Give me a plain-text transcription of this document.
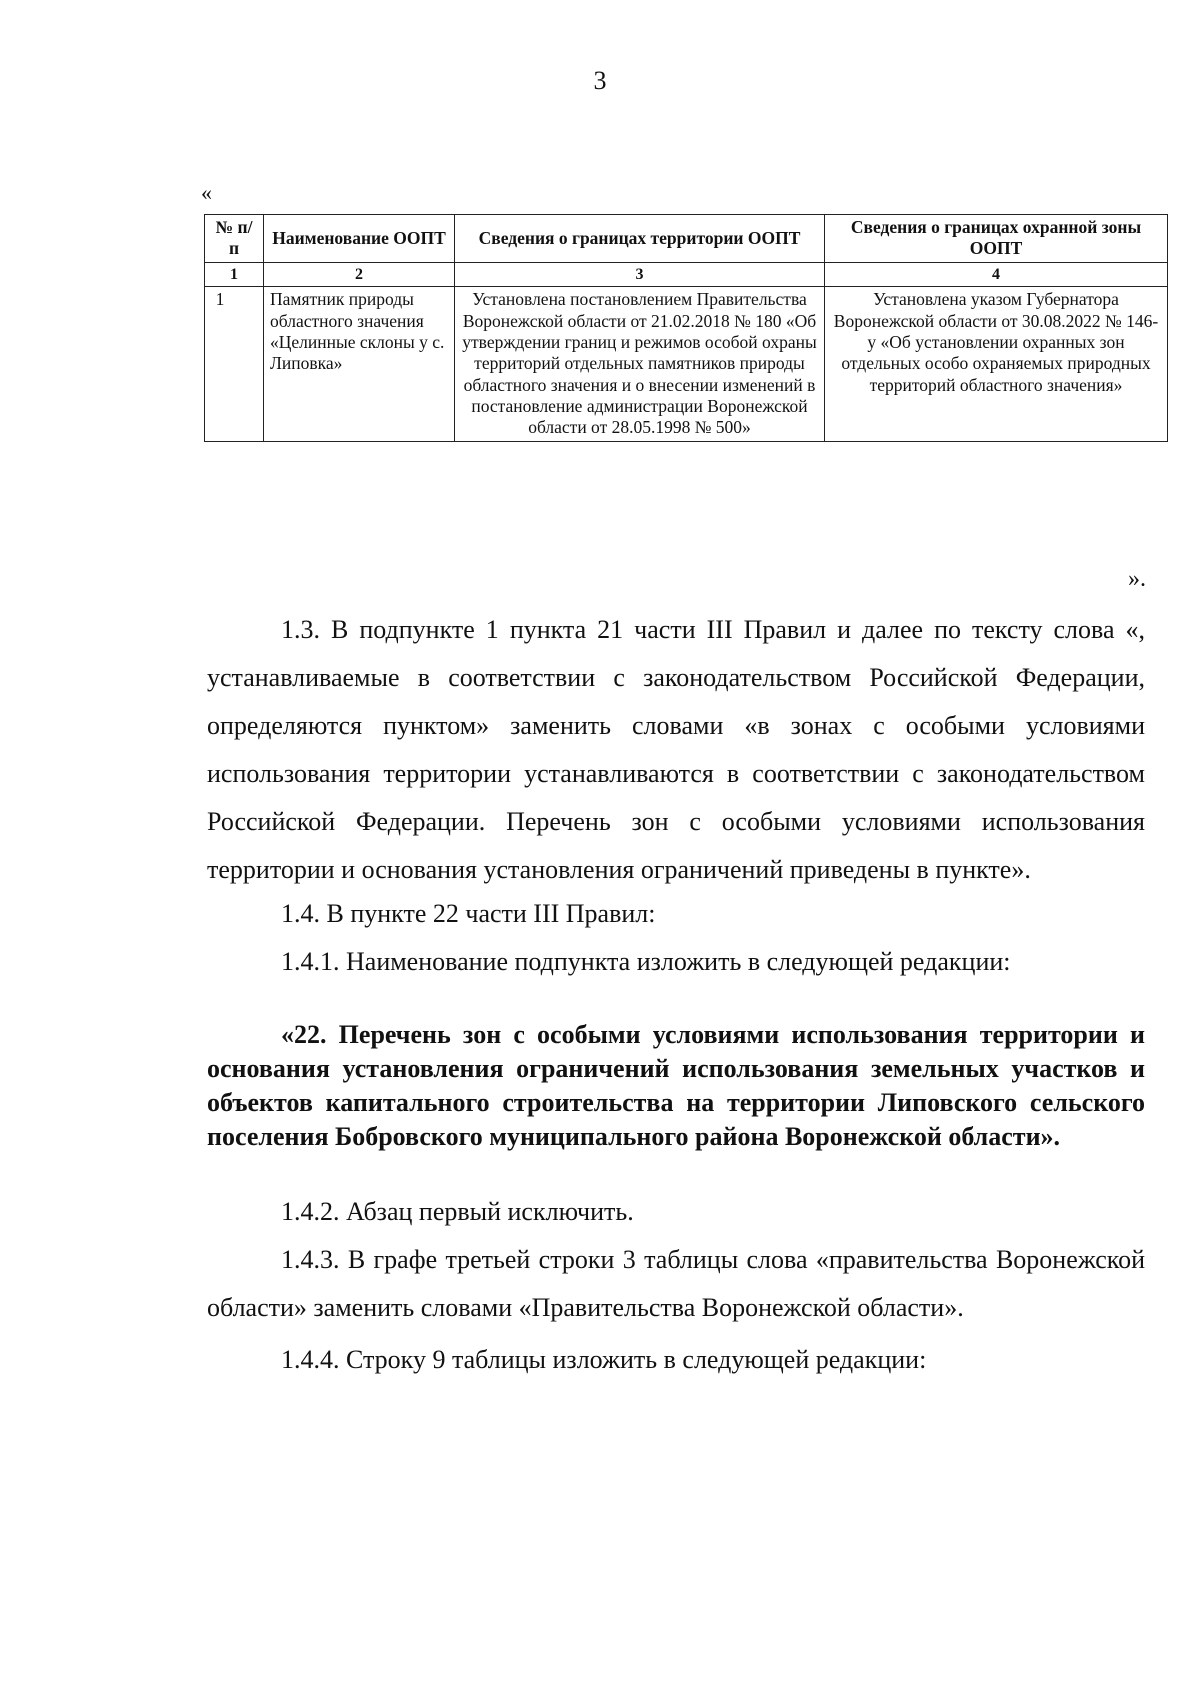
3
«
№ п/п	Наименование ООПТ	Сведения о границах территории ООПТ	Сведения о границах охранной зоны ООПТ
1	2	3	4
1	Памятник природы областного значения «Целинные склоны у с. Липовка»	Установлена постановлением Правительства Воронежской области от 21.02.2018 № 180 «Об утверждении границ и режимов особой охраны территорий отдельных памятников природы областного значения и о внесении изменений в постановление администрации Воронежской области от 28.05.1998 № 500»	Установлена указом Губернатора Воронежской области от 30.08.2022 № 146-у «Об установлении охранных зон отдельных особо охраняемых природных территорий областного значения»
».

1.3. В подпункте 1 пункта 21 части III Правил и далее по тексту слова «, устанавливаемые в соответствии с законодательством Российской Федерации, определяются пунктом» заменить словами «в зонах с особыми условиями использования территории устанавливаются в соответствии с законодательством Российской Федерации. Перечень зон с особыми условиями использования территории и основания установления ограничений приведены в пункте».

1.4. В пункте 22 части III Правил:

1.4.1. Наименование подпункта изложить в следующей редакции:

«22. Перечень зон с особыми условиями использования территории и основания установления ограничений использования земельных участков и объектов капитального строительства на территории Липовского сельского поселения Бобровского муниципального района Воронежской области».

1.4.2. Абзац первый исключить.

1.4.3. В графе третьей строки 3 таблицы слова «правительства Воронежской области» заменить словами «Правительства Воронежской области».

1.4.4. Строку 9 таблицы изложить в следующей редакции:
